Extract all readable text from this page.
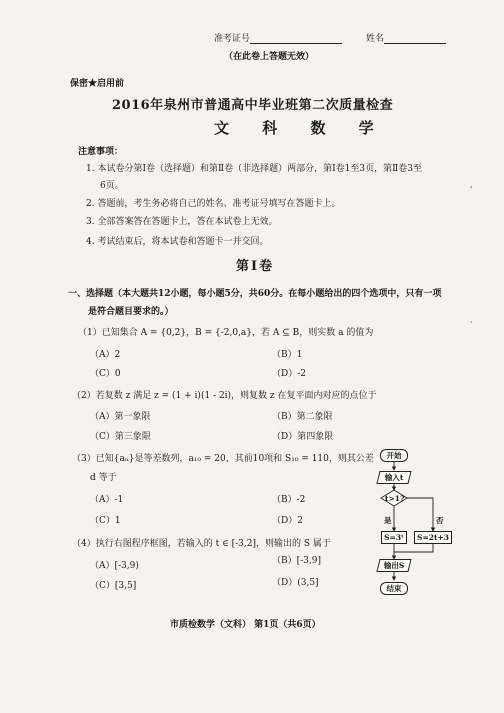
准考证号	姓名
（在此卷上答题无效）
保密★启用前
2016年泉州市普通高中毕业班第二次质量检查
文 科 数 学
注意事项：
1. 本试卷分第Ⅰ卷（选择题）和第Ⅱ卷（非选择题）两部分，第Ⅰ卷1至3页，第Ⅱ卷3至
6页。
2. 答题前，考生务必将自己的姓名、准考证号填写在答题卡上。
3. 全部答案答在答题卡上，答在本试卷上无效。
4. 考试结束后，将本试卷和答题卡一并交回。
第Ⅰ卷
一、选择题（本大题共12小题，每小题5分，共60分。在每小题给出的四个选项中，只有一项
是符合题目要求的。）
（1）已知集合 A = {0,2}，B = {-2,0,a}，若 A ⊆ B，则实数 a 的值为
（A）2	（B）1
（C）0	（D）-2
（2）若复数 z 满足 z = (1 + i)(1 - 2i)，则复数 z 在复平面内对应的点位于
（A）第一象限	（B）第二象限
（C）第三象限	（D）第四象限
（3）已知{aₙ}是等差数列，a₁₀ = 20，其前10项和 S₁₀ = 110，则其公差
d 等于
（A）-1	（B）-2
（C）1	（D）2
（4）执行右图程序框图，若输入的 t ∈ [-3,2]，则输出的 S 属于
（A）[-3,9)	（B）[-3,9]
（C）[3,5]	（D）(3,5]
开始
输入t
t>1?
是	否
S=3ᵗ	S=2t+3
输出S
结束
市质检数学（文科） 第1页（共6页）
'
·
